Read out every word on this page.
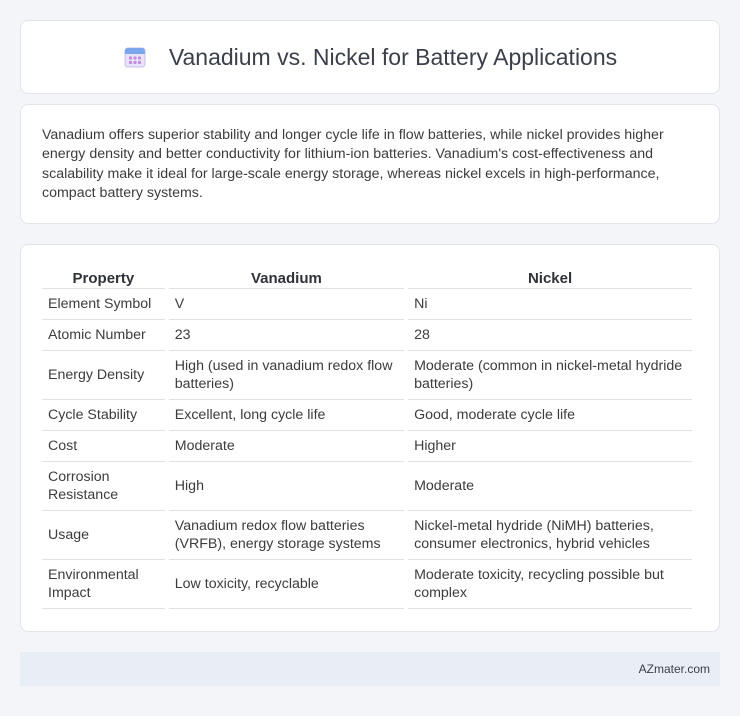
Vanadium vs. Nickel for Battery Applications

Vanadium offers superior stability and longer cycle life in flow batteries, while nickel provides higher energy density and better conductivity for lithium-ion batteries. Vanadium's cost-effectiveness and scalability make it ideal for large-scale energy storage, whereas nickel excels in high-performance, compact battery systems.

Property	Vanadium	Nickel
Element Symbol	V	Ni
Atomic Number	23	28
Energy Density	High (used in vanadium redox flow batteries)	Moderate (common in nickel-metal hydride batteries)
Cycle Stability	Excellent, long cycle life	Good, moderate cycle life
Cost	Moderate	Higher
Corrosion Resistance	High	Moderate
Usage	Vanadium redox flow batteries (VRFB), energy storage systems	Nickel-metal hydride (NiMH) batteries, consumer electronics, hybrid vehicles
Environmental Impact	Low toxicity, recyclable	Moderate toxicity, recycling possible but complex
AZmater.com
